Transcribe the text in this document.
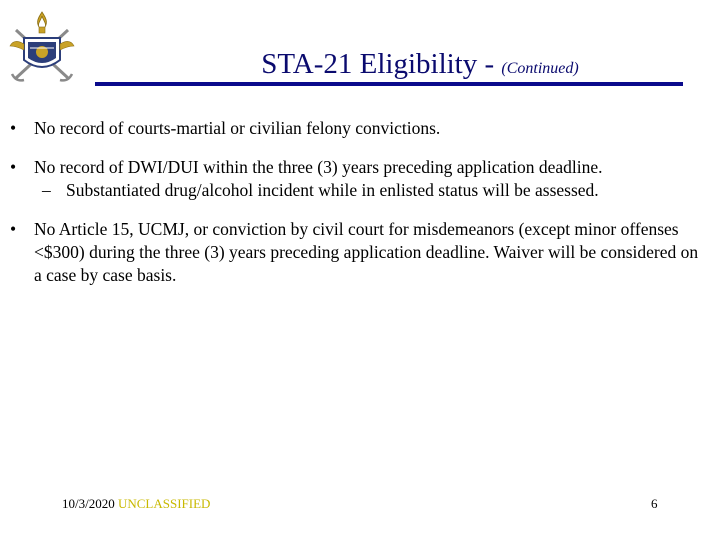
STA-21 Eligibility - (Continued)
• No record of courts-martial or civilian felony convictions.
• No record of DWI/DUI within the three (3) years preceding application deadline.
– Substantiated drug/alcohol incident while in enlisted status will be assessed.
• No Article 15, UCMJ, or conviction by civil court for misdemeanors (except minor offenses <$300) during the three (3) years preceding application deadline. Waiver will be considered on a case by case basis.
10/3/2020 UNCLASSIFIED	6
